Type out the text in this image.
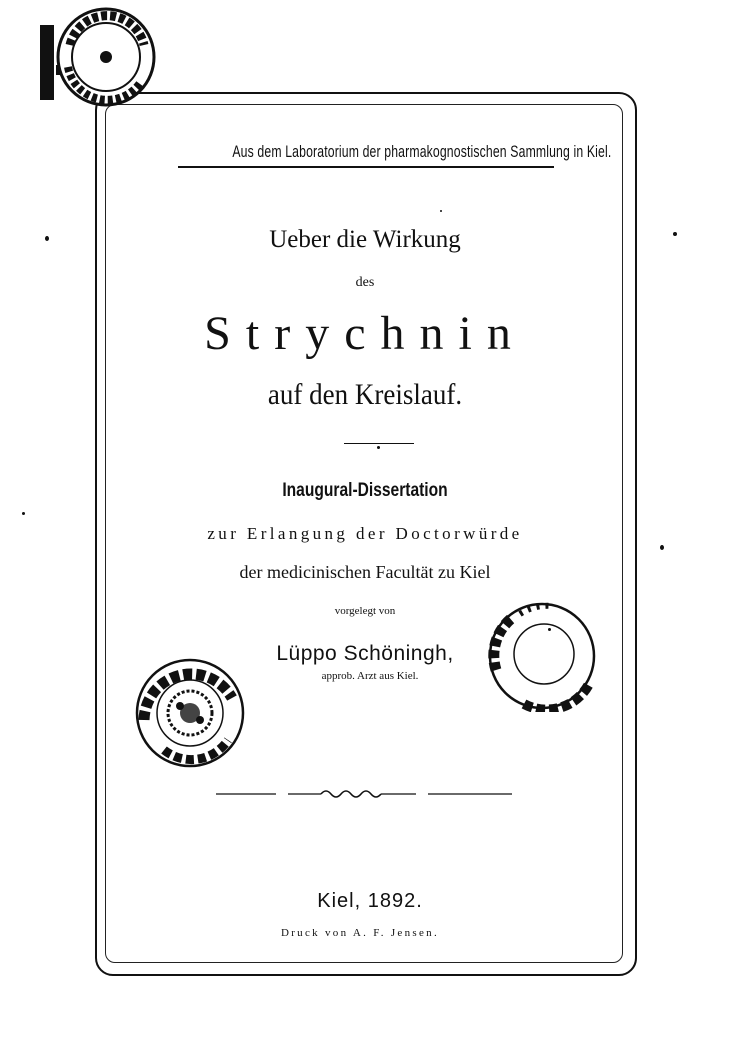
Aus dem Laboratorium der pharmakognostischen Sammlung in Kiel.
Ueber die Wirkung
des
Strychnin
auf den Kreislauf.
Inaugural-Dissertation
zur Erlangung der Doctorwürde
der medicinischen Facultät zu Kiel
vorgelegt von
Lüppo Schöningh,
approb. Arzt aus Kiel.
Kiel, 1892.
Druck von A. F. Jensen.
